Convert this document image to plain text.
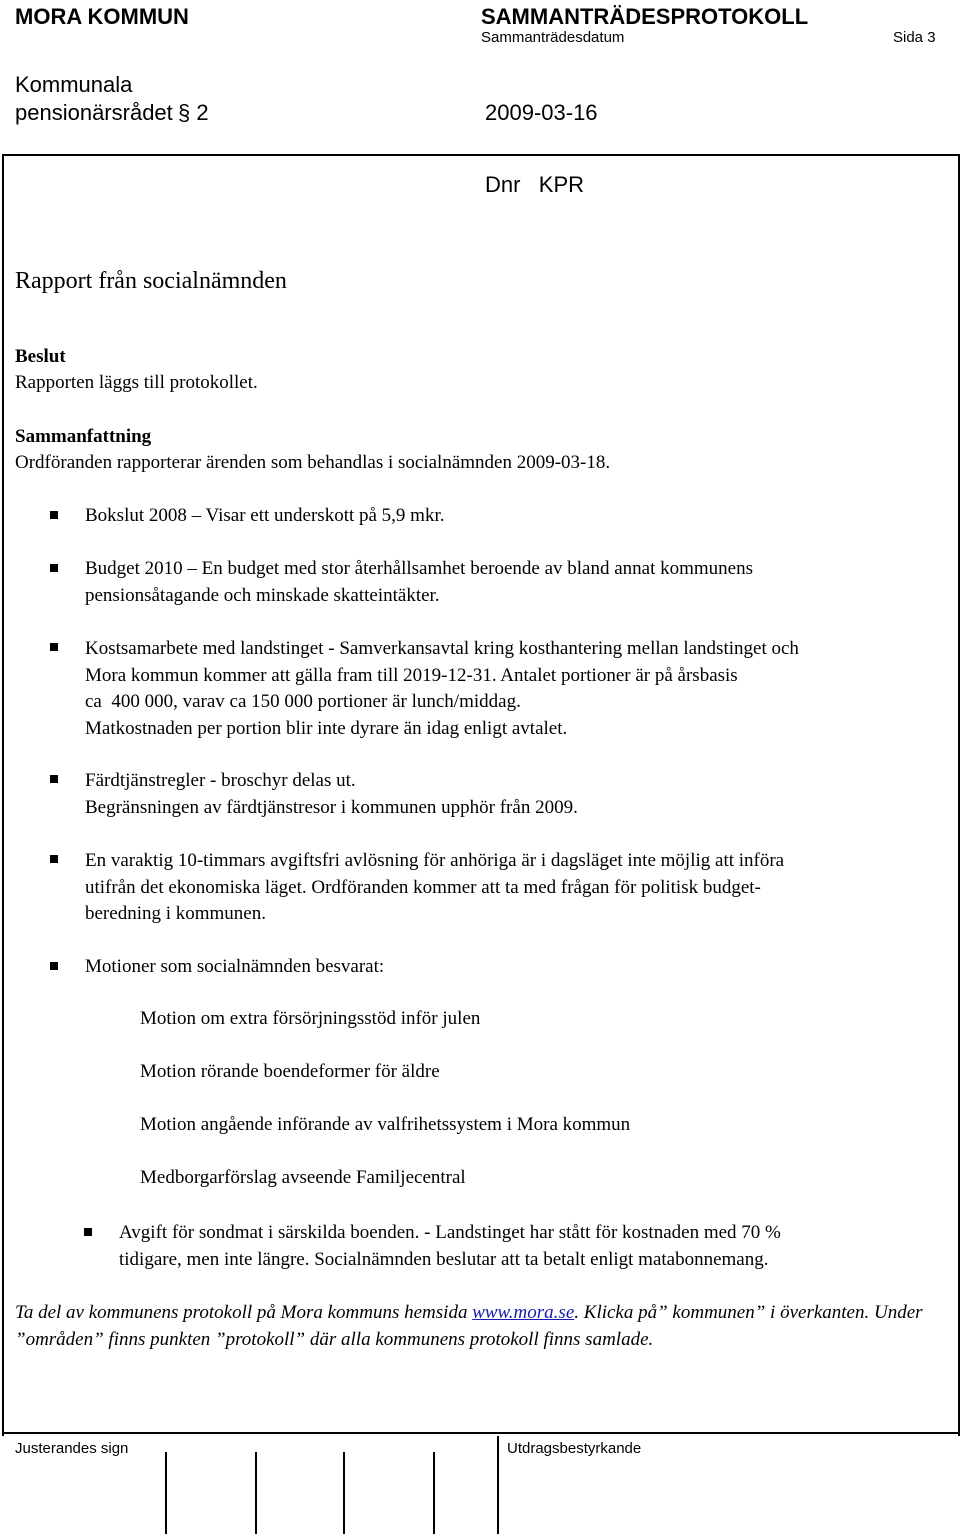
MORA KOMMUN	SAMMANTRÄDESPROTOKOLL
Sammanträdesdatum	Sida 3
Kommunala
pensionärsrådet § 2	2009-03-16
Dnr   KPR
Rapport från socialnämnden
Beslut
Rapporten läggs till protokollet.
Sammanfattning
Ordföranden rapporterar ärenden som behandlas i socialnämnden 2009-03-18.
Bokslut 2008 – Visar ett underskott på 5,9 mkr.
Budget 2010 – En budget med stor återhållsamhet beroende av bland annat kommunens
pensionsåtagande och minskade skatteintäkter.
Kostsamarbete med landstinget - Samverkansavtal kring kosthantering mellan landstinget och
Mora kommun kommer att gälla fram till 2019-12-31. Antalet portioner är på årsbasis
ca  400 000, varav ca 150 000 portioner är lunch/middag.
Matkostnaden per portion blir inte dyrare än idag enligt avtalet.
Färdtjänstregler - broschyr delas ut.
Begränsningen av färdtjänstresor i kommunen upphör från 2009.
En varaktig 10-timmars avgiftsfri avlösning för anhöriga är i dagsläget inte möjlig att införa
utifrån det ekonomiska läget. Ordföranden kommer att ta med frågan för politisk budget-
beredning i kommunen.
Motioner som socialnämnden besvarat:
Motion om extra försörjningsstöd inför julen
Motion rörande boendeformer för äldre
Motion angående införande av valfrihetssystem i Mora kommun
Medborgarförslag avseende Familjecentral
Avgift för sondmat i särskilda boenden. - Landstinget har stått för kostnaden med 70 %
tidigare, men inte längre. Socialnämnden beslutar att ta betalt enligt matabonnemang.
Ta del av kommunens protokoll på Mora kommuns hemsida www.mora.se. Klicka på” kommunen” i överkanten. Under ”områden” finns punkten ”protokoll” där alla kommunens protokoll finns samlade.
Justerandes sign	Utdragsbestyrkande
